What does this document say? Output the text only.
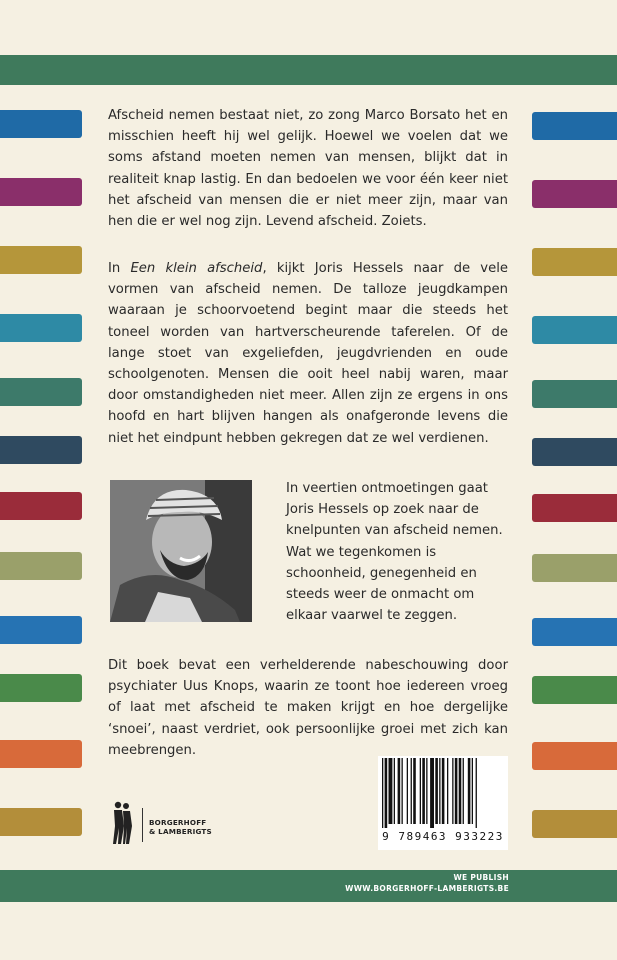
Afscheid nemen bestaat niet, zo zong Marco Borsato het en misschien heeft hij wel gelijk. Hoewel we voelen dat we soms afstand moeten nemen van mensen, blijkt dat in realiteit knap lastig. En dan bedoelen we voor één keer niet het afscheid van mensen die er niet meer zijn, maar van hen die er wel nog zijn. Levend afscheid. Zoiets.

In Een klein afscheid, kijkt Joris Hessels naar de vele vormen van afscheid nemen. De talloze jeugdkampen waaraan je schoorvoetend begint maar die steeds het toneel worden van hartverscheurende taferelen. Of de lange stoet van exgeliefden, jeugdvrienden en oude schoolgenoten. Mensen die ooit heel nabij waren, maar door omstandigheden niet meer. Allen zijn ze ergens in ons hoofd en hart blijven hangen als onafgeronde levens die niet het eindpunt hebben gekregen dat ze wel verdienen.

In veertien ontmoetingen gaat Joris Hessels op zoek naar de knelpunten van afscheid nemen. Wat we tegenkomen is schoonheid, genegenheid en steeds weer de onmacht om elkaar vaarwel te zeggen.

Dit boek bevat een verhelderende nabeschouwing door psychiater Uus Knops, waarin ze toont hoe iedereen vroeg of laat met afscheid te maken krijgt en hoe dergelijke ‘snoei’, naast verdriet, ook persoonlijke groei met zich kan meebrengen.

BORGERHOFF
& LAMBERIGTS	9 789463 933223
WE PUBLISH
WWW.BORGERHOFF-LAMBERIGTS.BE
